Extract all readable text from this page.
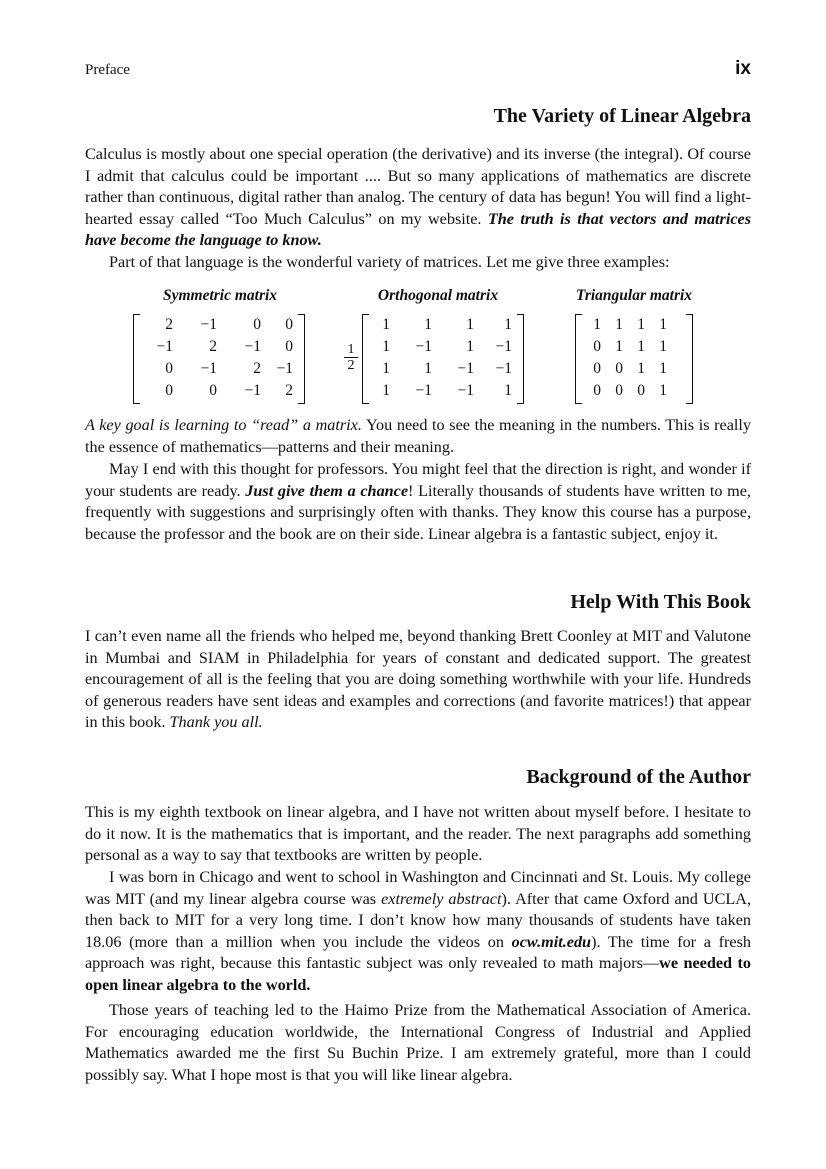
Preface	ix
The Variety of Linear Algebra

Calculus is mostly about one special operation (the derivative) and its inverse (the integral). Of course I admit that calculus could be important .... But so many applications of mathematics are discrete rather than continuous, digital rather than analog. The century of data has begun! You will find a light-hearted essay called “Too Much Calculus” on my website. The truth is that vectors and matrices have become the language to know.

Part of that language is the wonderful variety of matrices. Let me give three examples:

Symmetric matrix	Orthogonal matrix	Triangular matrix

2	−1	0	0
−1	2	−1	0
0	−1	2	−1
0	0	−1	2
$\frac{1}{2}$
1	1	1	1
1	−1	1	−1
1	1	−1	−1
1	−1	−1	1
1 1 1 1
0 1 1 1
0 0 1 1
0 0 0 1

A key goal is learning to “read” a matrix. You need to see the meaning in the numbers. This is really the essence of mathematics—patterns and their meaning.

May I end with this thought for professors. You might feel that the direction is right, and wonder if your students are ready. Just give them a chance! Literally thousands of students have written to me, frequently with suggestions and surprisingly often with thanks. They know this course has a purpose, because the professor and the book are on their side. Linear algebra is a fantastic subject, enjoy it.

Help With This Book

I can’t even name all the friends who helped me, beyond thanking Brett Coonley at MIT and Valutone in Mumbai and SIAM in Philadelphia for years of constant and dedicated support. The greatest encouragement of all is the feeling that you are doing something worthwhile with your life. Hundreds of generous readers have sent ideas and examples and corrections (and favorite matrices!) that appear in this book. Thank you all.

Background of the Author

This is my eighth textbook on linear algebra, and I have not written about myself before. I hesitate to do it now. It is the mathematics that is important, and the reader. The next paragraphs add something personal as a way to say that textbooks are written by people.

I was born in Chicago and went to school in Washington and Cincinnati and St. Louis. My college was MIT (and my linear algebra course was extremely abstract). After that came Oxford and UCLA, then back to MIT for a very long time. I don’t know how many thousands of students have taken 18.06 (more than a million when you include the videos on ocw.mit.edu). The time for a fresh approach was right, because this fantastic subject was only revealed to math majors—we needed to open linear algebra to the world.

Those years of teaching led to the Haimo Prize from the Mathematical Association of America. For encouraging education worldwide, the International Congress of Industrial and Applied Mathematics awarded me the first Su Buchin Prize. I am extremely grateful, more than I could possibly say. What I hope most is that you will like linear algebra.
